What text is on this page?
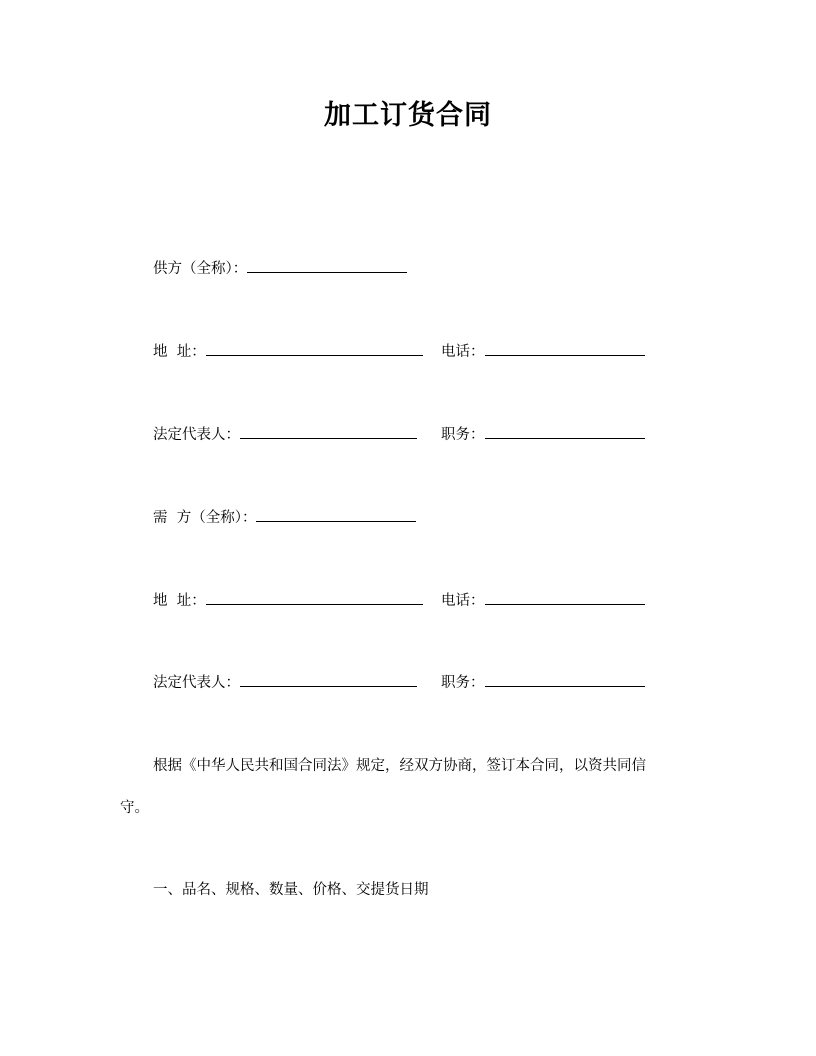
加工订货合同
供方（全称）：
地  址：	电话：
法定代表人：	职务：
需  方（全称）：
地  址：	电话：
法定代表人：	职务：
根据《中华人民共和国合同法》规定，经双方协商，签订本合同，以资共同信
守。
一、品名、规格、数量、价格、交提货日期
